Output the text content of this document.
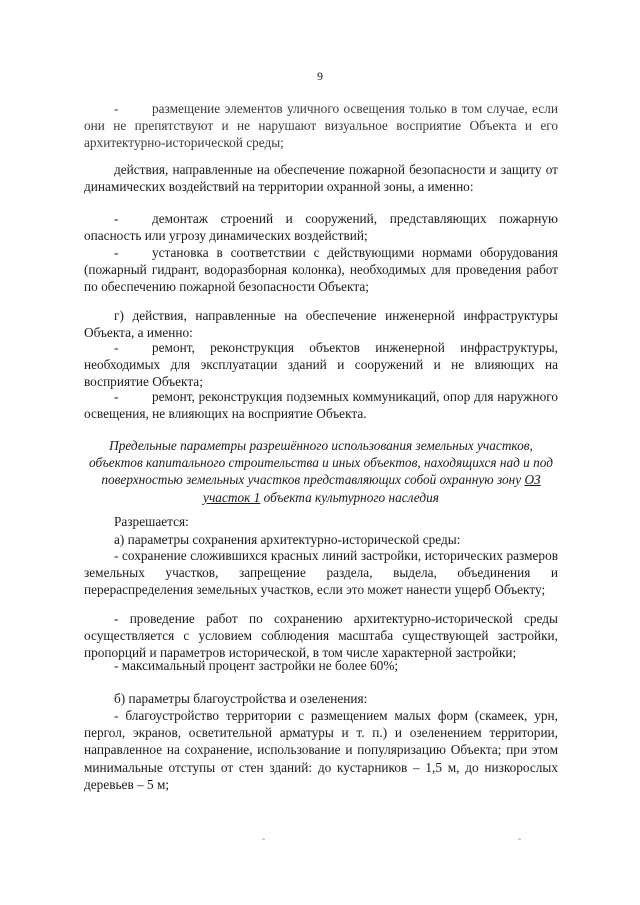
9

-	размещение элементов уличного освещения только в том случае, если они не препятствуют и не нарушают визуальное восприятие Объекта и его архитектурно-исторической среды;

действия, направленные на обеспечение пожарной безопасности и защиту от динамических воздействий на территории охранной зоны, а именно:

-	демонтаж строений и сооружений, представляющих пожарную опасность или угрозу динамических воздействий;

-	установка в соответствии с действующими нормами оборудования (пожарный гидрант, водоразборная колонка), необходимых для проведения работ по обеспечению пожарной безопасности Объекта;

г) действия, направленные на обеспечение инженерной инфраструктуры Объекта, а именно:

-	ремонт, реконструкция объектов инженерной инфраструктуры, необходимых для эксплуатации зданий и сооружений и не влияющих на восприятие Объекта;

-	ремонт, реконструкция подземных коммуникаций, опор для наружного освещения, не влияющих на восприятие Объекта.

Предельные параметры разрешённого использования земельных участков, объектов капитального строительства и иных объектов, находящихся над и под поверхностью земельных участков представляющих собой охранную зону ОЗ участок 1 объекта культурного наследия

Разрешается:

а) параметры сохранения архитектурно-исторической среды:

- сохранение сложившихся красных линий застройки, исторических размеров земельных участков, запрещение раздела, выдела, объединения и перераспределения земельных участков, если это может нанести ущерб Объекту;

- проведение работ по сохранению архитектурно-исторической среды осуществляется с условием соблюдения масштаба существующей застройки, пропорций и параметров исторической, в том числе характерной застройки;

- максимальный процент застройки не более 60%;

б) параметры благоустройства и озеленения:

- благоустройство территории с размещением малых форм (скамеек, урн, пергол, экранов, осветительной арматуры и т. п.) и озеленением территории, направленное на сохранение, использование и популяризацию Объекта; при этом минимальные отступы от стен зданий: до кустарников – 1,5 м, до низкорослых деревьев – 5 м;

˜	˜
